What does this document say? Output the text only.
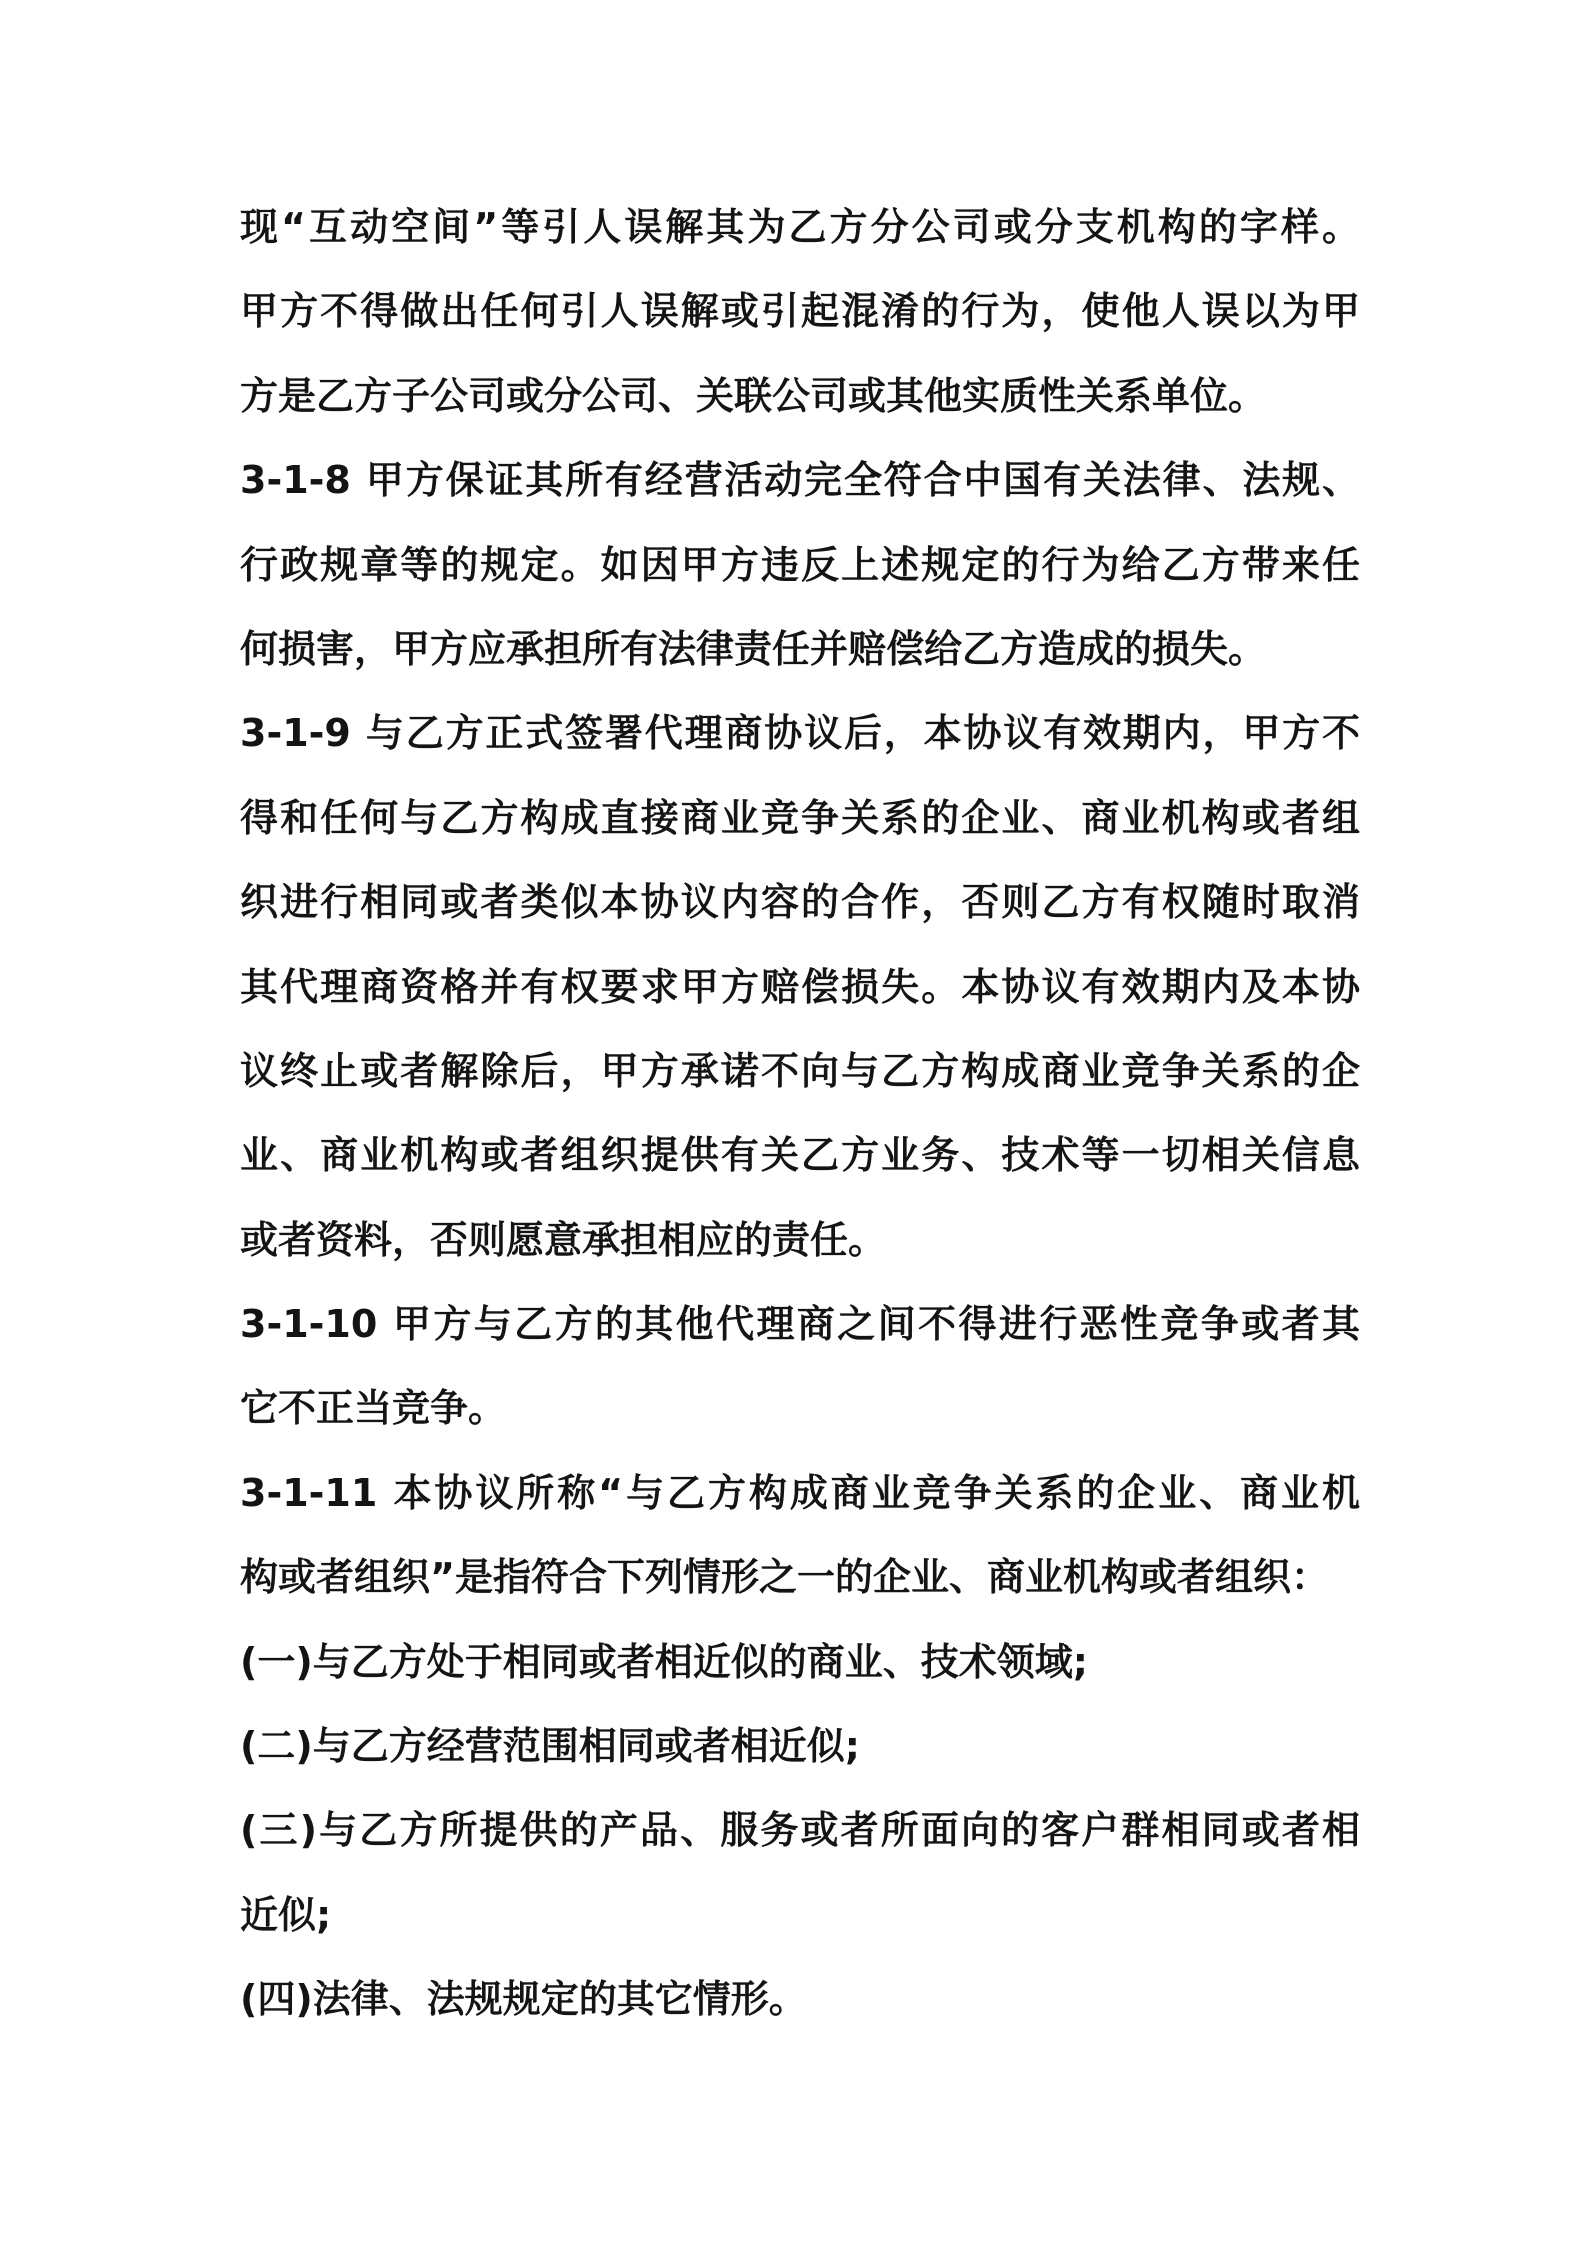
现“互动空间”等引人误解其为乙方分公司或分支机构的字样。
甲方不得做出任何引人误解或引起混淆的行为，使他人误以为甲
方是乙方子公司或分公司、关联公司或其他实质性关系单位。
3-1-8 甲方保证其所有经营活动完全符合中国有关法律、法规、
行政规章等的规定。如因甲方违反上述规定的行为给乙方带来任
何损害，甲方应承担所有法律责任并赔偿给乙方造成的损失。
3-1-9 与乙方正式签署代理商协议后，本协议有效期内，甲方不
得和任何与乙方构成直接商业竞争关系的企业、商业机构或者组
织进行相同或者类似本协议内容的合作，否则乙方有权随时取消
其代理商资格并有权要求甲方赔偿损失。本协议有效期内及本协
议终止或者解除后，甲方承诺不向与乙方构成商业竞争关系的企
业、商业机构或者组织提供有关乙方业务、技术等一切相关信息
或者资料，否则愿意承担相应的责任。
3-1-10 甲方与乙方的其他代理商之间不得进行恶性竞争或者其
它不正当竞争。
3-1-11 本协议所称“与乙方构成商业竞争关系的企业、商业机
构或者组织”是指符合下列情形之一的企业、商业机构或者组织：
(一)与乙方处于相同或者相近似的商业、技术领域;
(二)与乙方经营范围相同或者相近似;
(三)与乙方所提供的产品、服务或者所面向的客户群相同或者相
近似;
(四)法律、法规规定的其它情形。
